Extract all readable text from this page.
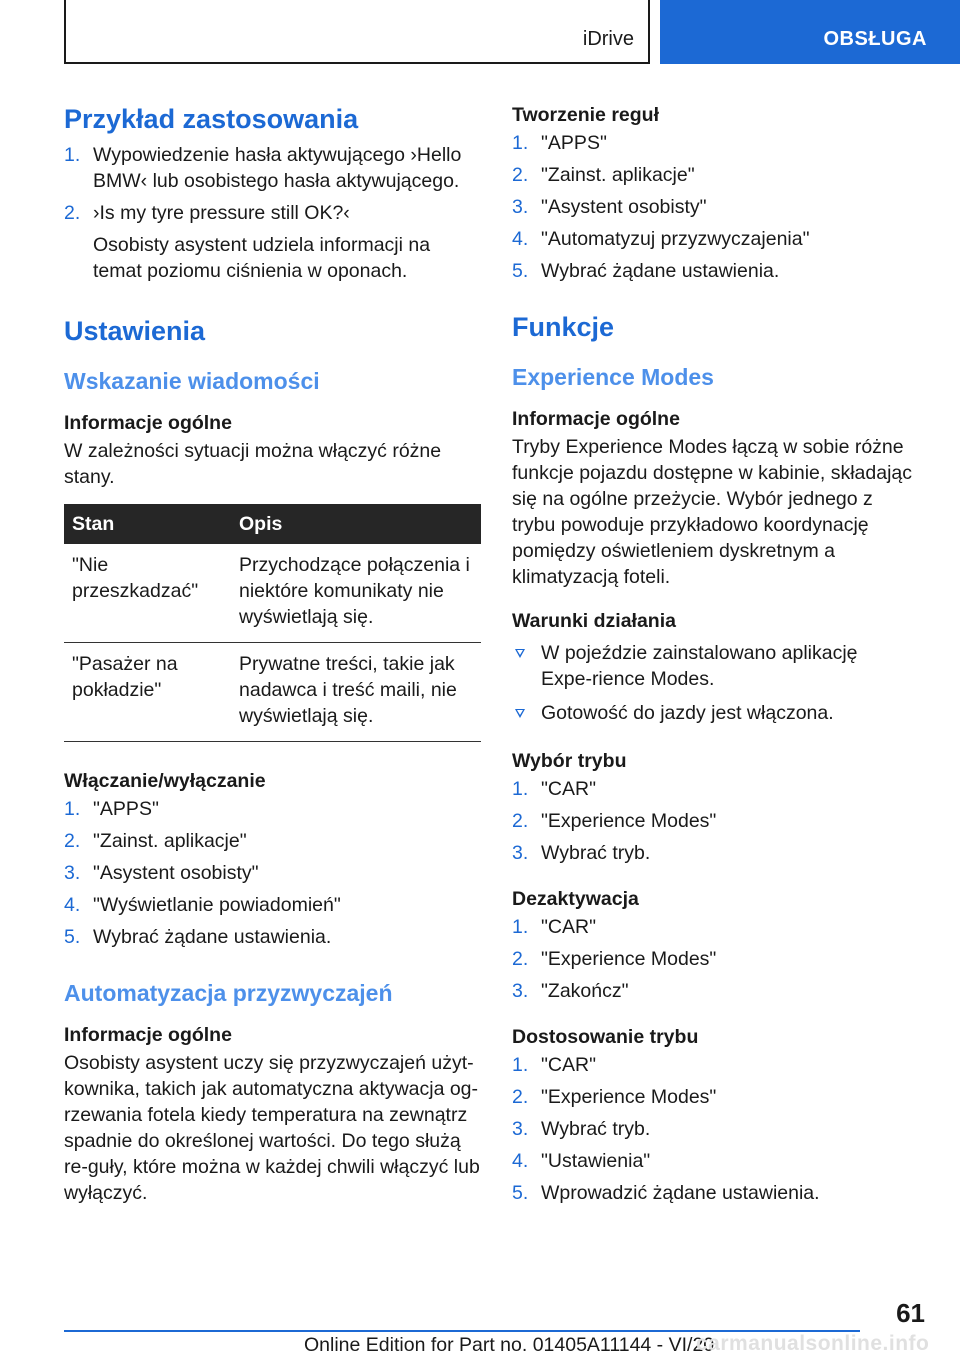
iDrive	OBSŁUGA
Przykład zastosowania
1. Wypowiedzenie hasła aktywującego ›Hello BMW‹ lub osobistego hasła aktywującego.
2. ›Is my tyre pressure still OK?‹
Osobisty asystent udziela informacji na temat poziomu ciśnienia w oponach.
Ustawienia
Wskazanie wiadomości
Informacje ogólne
W zależności sytuacji można włączyć różne stany.
Stan	Opis
"Nie przeszkadzać"	Przychodzące połączenia i niektóre komunikaty nie wyświetlają się.
"Pasażer na pokładzie"	Prywatne treści, takie jak nadawca i treść maili, nie wyświetlają się.
Włączanie/wyłączanie
1. "APPS"
2. "Zainst. aplikacje"
3. "Asystent osobisty"
4. "Wyświetlanie powiadomień"
5. Wybrać żądane ustawienia.
Automatyzacja przyzwyczajeń
Informacje ogólne
Osobisty asystent uczy się przyzwyczajeń użyt-kownika, takich jak automatyczna aktywacja og-rzewania fotela kiedy temperatura na zewnątrz spadnie do określonej wartości. Do tego służą re-guły, które można w każdej chwili włączyć lub wyłączyć.
Tworzenie reguł
1. "APPS"
2. "Zainst. aplikacje"
3. "Asystent osobisty"
4. "Automatyzuj przyzwyczajenia"
5. Wybrać żądane ustawienia.
Funkcje
Experience Modes
Informacje ogólne
Tryby Experience Modes łączą w sobie różne funkcje pojazdu dostępne w kabinie, składając się na ogólne przeżycie. Wybór jednego z trybu powoduje przykładowo koordynację pomiędzy oświetleniem dyskretnym a klimatyzacją foteli.
Warunki działania
W pojeździe zainstalowano aplikację Expe-rience Modes.
Gotowość do jazdy jest włączona.
Wybór trybu
1. "CAR"
2. "Experience Modes"
3. Wybrać tryb.
Dezaktywacja
1. "CAR"
2. "Experience Modes"
3. "Zakończ"
Dostosowanie trybu
1. "CAR"
2. "Experience Modes"
3. Wybrać tryb.
4. "Ustawienia"
5. Wprowadzić żądane ustawienia.
61
Online Edition for Part no. 01405A11144 - VI/20
carmanualsonline.info
